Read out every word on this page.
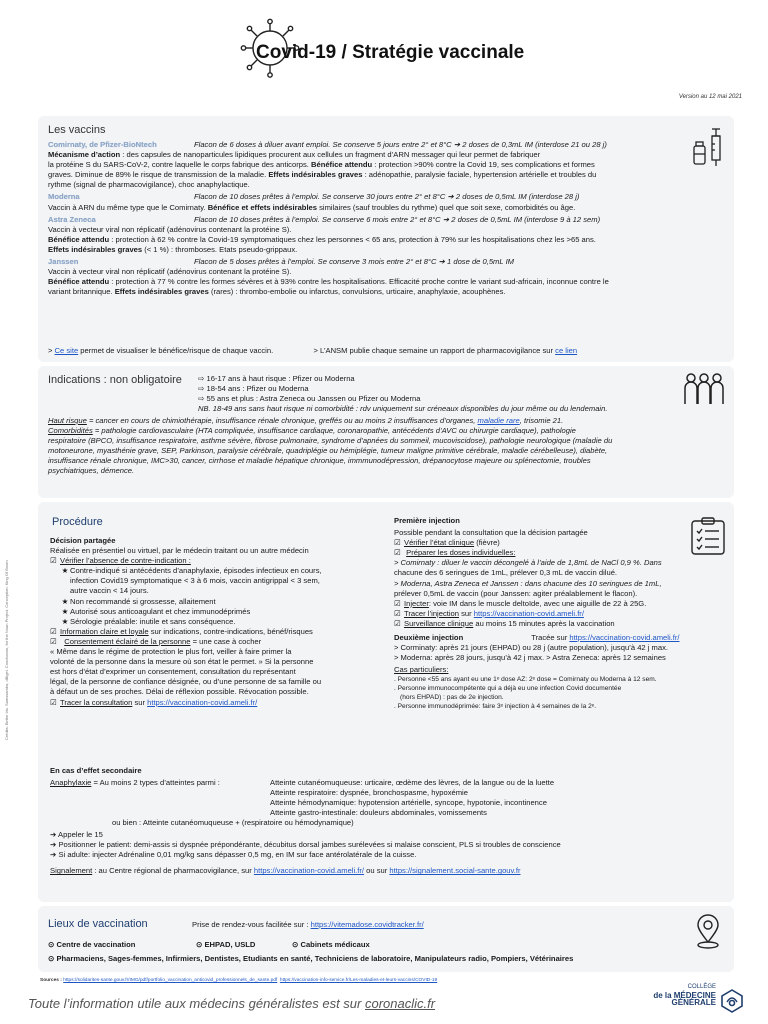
Covid-19 / Stratégie vaccinale
Version au 12 mai 2021
Les vaccins
Comirnaty, de Pfizer-BioNtech	Flacon de 6 doses à diluer avant emploi. Se conserve 5 jours entre 2° et 8°C ➔ 2 doses de 0,3mL IM (interdose 21 ou 28 j)
Mécanisme d’action : des capsules de nanoparticules lipidiques procurent aux cellules un fragment d’ARN messager qui leur permet de fabriquer
la protéine S du SARS-CoV-2, contre laquelle le corps fabrique des anticorps. Bénéfice attendu : protection >90% contre la Covid 19, ses complications et formes
graves. Diminue de 89% le risque de transmission de la maladie. Effets indésirables graves : adénopathie, paralysie faciale, hypertension artérielle et troubles du
rythme (signal de pharmacovigilance), choc anaphylactique.
Moderna	Flacon de 10 doses prêtes à l’emploi. Se conserve 30 jours entre 2° et 8°C ➔ 2 doses de 0,5mL IM (interdose 28 j)
Vaccin à ARN du même type que le Comirnaty. Bénéfice et effets indésirables similaires (sauf troubles du rythme) quel que soit sexe, comorbidités ou âge.
Astra Zeneca	Flacon de 10 doses prêtes à l’emploi. Se conserve 6 mois entre 2° et 8°C ➔ 2 doses de 0,5mL IM (interdose 9 à 12 sem)
Vaccin à vecteur viral non réplicatif (adénovirus contenant la protéine S).
Bénéfice attendu : protection à 62 % contre la Covid-19 symptomatiques chez les personnes < 65 ans, protection à 79% sur les hospitalisations chez les >65 ans.
Effets indésirables graves (< 1 %) : thromboses. Etats pseudo-grippaux.
Janssen	Flacon de 5 doses prêtes à l’emploi. Se conserve 3 mois entre 2° et 8°C ➔ 1 dose de 0,5mL IM
Vaccin à vecteur viral non réplicatif (adénovirus contenant la protéine S).
Bénéfice attendu : protection à 77 % contre les formes sévères et à 93% contre les hospitalisations. Efficacité proche contre le variant sud-africain, inconnue contre le
variant britannique. Effets indésirables graves (rares) : thrombo-embolie ou infarctus, convulsions, urticaire, anaphylaxie, acouphènes.
> Ce site permet de visualiser le bénéfice/risque de chaque vaccin.	> L’ANSM publie chaque semaine un rapport de pharmacovigilance sur ce lien
Indications : non obligatoire ⇨ 16-17 ans à haut risque : Pfizer ou Moderna
⇨ 18-54 ans : Pfizer ou Moderna
⇨ 55 ans et plus : Astra Zeneca ou Janssen ou Pfizer ou Moderna
NB. 18-49 ans sans haut risque ni comorbidité : rdv uniquement sur créneaux disponibles du jour même ou du lendemain.
Haut risque = cancer en cours de chimiothérapie, insuffisance rénale chronique, greffés ou au moins 2 insuffisances d’organes, maladie rare, trisomie 21.
Comorbidités = pathologie cardiovasculaire (HTA compliquée, insuffisance cardiaque, coronaropathie, antécédents d’AVC ou chirurgie cardiaque), pathologie
respiratoire (BPCO, insuffisance respiratoire, asthme sévère, fibrose pulmonaire, syndrome d’apnées du sommeil, mucoviscidose), pathologie neurologique (maladie du
motoneurone, myasthénie grave, SEP, Parkinson, paralysie cérébrale, quadriplégie ou hémiplégie, tumeur maligne primitive cérébrale, maladie cérébelleuse), diabète,
insuffisance rénale chronique, IMC>30, cancer, cirrhose et maladie hépatique chronique, immmunodépression, drépanocytose majeure ou splénectomie, troubles
psychiatriques, démence.
Procédure
Décision partagée
Réalisée en présentiel ou virtuel, par le médecin traitant ou un autre médecin
☑ Vérifier l’absence de contre-indication :
★ Contre-indiqué si antécédents d’anaphylaxie, épisodes infectieux en cours,
infection Covid19 symptomatique < 3 à 6 mois, vaccin antigrippal < 3 sem,
autre vaccin < 14 jours.
★ Non recommandé si grossesse, allaitement
★ Autorisé sous anticoagulant et chez immunodéprimés
★ Sérologie préalable: inutile et sans conséquence.
☑ Information claire et loyale sur indications, contre-indications, bénéf/risques
☑ Consentement éclairé de la personne = une case à cocher
« Même dans le régime de protection le plus fort, veiller à faire primer la
volonté de la personne dans la mesure où son état le permet. » Si la personne
est hors d’état d’exprimer un consentement, consultation du représentant
légal, de la personne de confiance désignée, ou d’une personne de sa famille ou
à défaut un de ses proches. Délai de réflexion possible. Révocation possible.
☑ Tracer la consultation sur https://vaccination-covid.ameli.fr/
Première injection
Possible pendant la consultation que la décision partagée
☑ Vérifier l’état clinique (fièvre)
☑ Préparer les doses individuelles:
> Comirnaty : diluer le vaccin décongelé à l’aide de 1,8mL de NaCl 0,9 %. Dans
chacune des 6 seringues de 1mL, prélever 0,3 mL de vaccin dilué.
> Moderna, Astra Zeneca et Janssen : dans chacune des 10 seringues de 1mL,
prélever 0,5mL de vaccin (pour Janssen: agiter préalablement le flacon).
☑ Injecter: voie IM dans le muscle deltoïde, avec une aiguille de 22 à 25G.
☑ Tracer l’injection sur https://vaccination-covid.ameli.fr/
☑ Surveillance clinique au moins 15 minutes après la vaccination
Deuxième injection	Tracée sur https://vaccination-covid.ameli.fr/
> Corminaty: après 21 jours (EHPAD) ou 28 j (autre population), jusqu’à 42 j max.
> Moderna: après 28 jours, jusqu’à 42 j max. > Astra Zeneca: après 12 semaines
Cas particuliers:
. Personne <55 ans ayant eu une 1ᵉ dose AZ: 2ᵉ dose = Comirnaty ou Moderna à 12 sem.
. Personne immunocompétente qui a déjà eu une infection Covid documentée
(hors EHPAD) : pas de 2e injection.
. Personne immunodéprimée: faire 3ᵉ injection à 4 semaines de la 2ᵉ.
En cas d’effet secondaire
Anaphylaxie = Au moins 2 types d’atteintes parmi :	Atteinte cutanéomuqueuse: urticaire, œdème des lèvres, de la langue ou de la luette
Atteinte respiratoire: dyspnée, bronchospasme, hypoxémie
Atteinte hémodynamique: hypotension artérielle, syncope, hypotonie, incontinence
Atteinte gastro-intestinale: douleurs abdominales, vomissements
ou bien : Atteinte cutanéomuqueuse + (respiratoire ou hémodynamique)
➔ Appeler le 15
➔ Positionner le patient: demi-assis si dyspnée prépondérante, décubitus dorsal jambes surélevées si malaise conscient, PLS si troubles de conscience
➔ Si adulte: injecter Adrénaline 0,01 mg/kg sans dépasser 0,5 mg, en IM sur face antérolatérale de la cuisse.
Signalement : au Centre régional de pharmacovigilance, sur https://vaccination-covid.ameli.fr/ ou sur https://signalement.social-sante.gouv.fr
Lieux de vaccination	Prise de rendez-vous facilitée sur : https://vitemadose.covidtracker.fr/
⊙ Centre de vaccination	⊙ EHPAD, USLD	⊙ Cabinets médicaux
⊙ Pharmaciens, Sages-femmes, Infirmiers, Dentistes, Etudiants en santé, Techniciens de laboratoire, Manipulateurs radio, Pompiers, Vétérinaires
Sources : https://solidarites-sante.gouv.fr/IMG/pdf/portfolio_vaccination_anticovid_professionnels_de_sante.pdf https://vaccination-info-service.fr/Les-maladies-et-leurs-vaccins/COVID-19
Toute l’information utile aux médecins généralistes est sur coronaclic.fr
COLLÈGE
de la MÉDECINE
GÉNÉRALE
Crédits: Birthe Iris. Samssamba, dBigel. Coochaoon, for the Noun Project. Conception: King Of Boom
